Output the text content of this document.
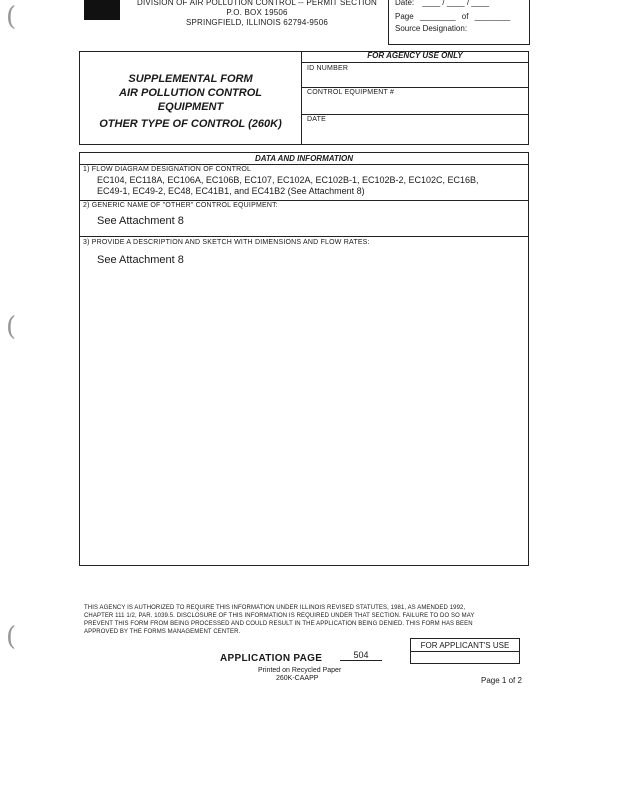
(
(
(
DIVISION OF AIR POLLUTION CONTROL -- PERMIT SECTION
P.O. BOX 19506
SPRINGFIELD, ILLINOIS 62794-9506
Date: ____ / ____ / ____
Page ________ of ________
Source Designation:
SUPPLEMENTAL FORM
AIR POLLUTION CONTROL
EQUIPMENT
OTHER TYPE OF CONTROL (260K)
FOR AGENCY USE ONLY
ID NUMBER
CONTROL EQUIPMENT #
DATE
DATA AND INFORMATION
1) FLOW DIAGRAM DESIGNATION OF CONTROL
EC104, EC118A, EC106A, EC106B, EC107, EC102A, EC102B-1, EC102B-2, EC102C, EC16B,
EC49-1, EC49-2, EC48, EC41B1, and EC41B2 (See Attachment 8)
2) GENERIC NAME OF "OTHER" CONTROL EQUIPMENT:
See Attachment 8
3) PROVIDE A DESCRIPTION AND SKETCH WITH DIMENSIONS AND FLOW RATES:
See Attachment 8
THIS AGENCY IS AUTHORIZED TO REQUIRE THIS INFORMATION UNDER ILLINOIS REVISED STATUTES, 1981, AS AMENDED 1992,
CHAPTER 111 1/2, PAR. 1039.5. DISCLOSURE OF THIS INFORMATION IS REQUIRED UNDER THAT SECTION. FAILURE TO DO SO MAY
PREVENT THIS FORM FROM BEING PROCESSED AND COULD RESULT IN THE APPLICATION BEING DENIED. THIS FORM HAS BEEN
APPROVED BY THE FORMS MANAGEMENT CENTER.
FOR APPLICANT'S USE
APPLICATION PAGE	504
Printed on Recycled Paper
260K-CAAPP	Page 1 of 2
